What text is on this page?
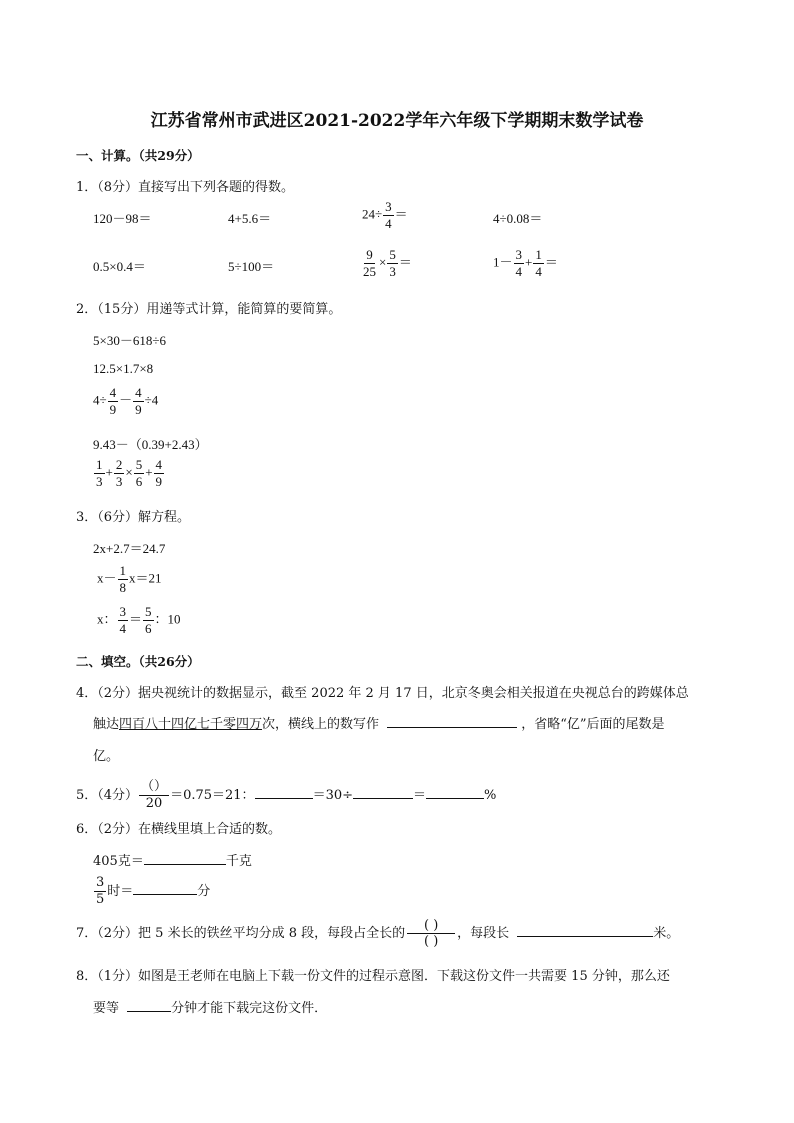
江苏省常州市武进区2021-2022学年六年级下学期期末数学试卷
一、计算。（共29分）
1．（8分）直接写出下列各题的得数。
120－98＝	4+5.6＝	$24\div \frac{3}{4}$ ＝	4÷0.08＝
0.5×0.4＝	5÷100＝	$\frac{9}{25} \times \frac{5}{3}$ ＝	$1- \frac{3}{4} + \frac{1}{4}$ ＝
2．（15分）用递等式计算，能简算的要简算。
5×30－618÷6
12.5×1.7×8
$4\div \frac{4}{9} - \frac{4}{9} \div 4$
9.43－（0.39+2.43）
$\frac{1}{3} + \frac{2}{3} \times \frac{5}{6} + \frac{4}{9}$
3．（6分）解方程。
2x+2.7＝24.7
$x- \frac{1}{8} x=21$
x： $\frac{3}{4} = \frac{5}{6}$ ：10
二、填空。（共26分）
4．（2分）据央视统计的数据显示，截至 2022 年 2 月 17 日，北京冬奥会相关报道在央视总台的跨媒体总
触达四百八十四亿七千零四万次，横线上的数写作	，省略“亿”后面的尾数是
亿。
5．（4分） $\frac{()}{20} =0.75=21$：	＝30÷	＝	%
6．（2分）在横线里填上合适的数。
405克＝	千克
$\frac{3}{5}$ 时＝	分
7．（2分）把 5 米长的铁丝平均分成 8 段，每段占全长的
( )
( )
，每段长	米。
8．（1分）如图是王老师在电脑上下载一份文件的过程示意图．下载这份文件一共需要 15 分钟，那么还
要等	分钟才能下载完这份文件．
